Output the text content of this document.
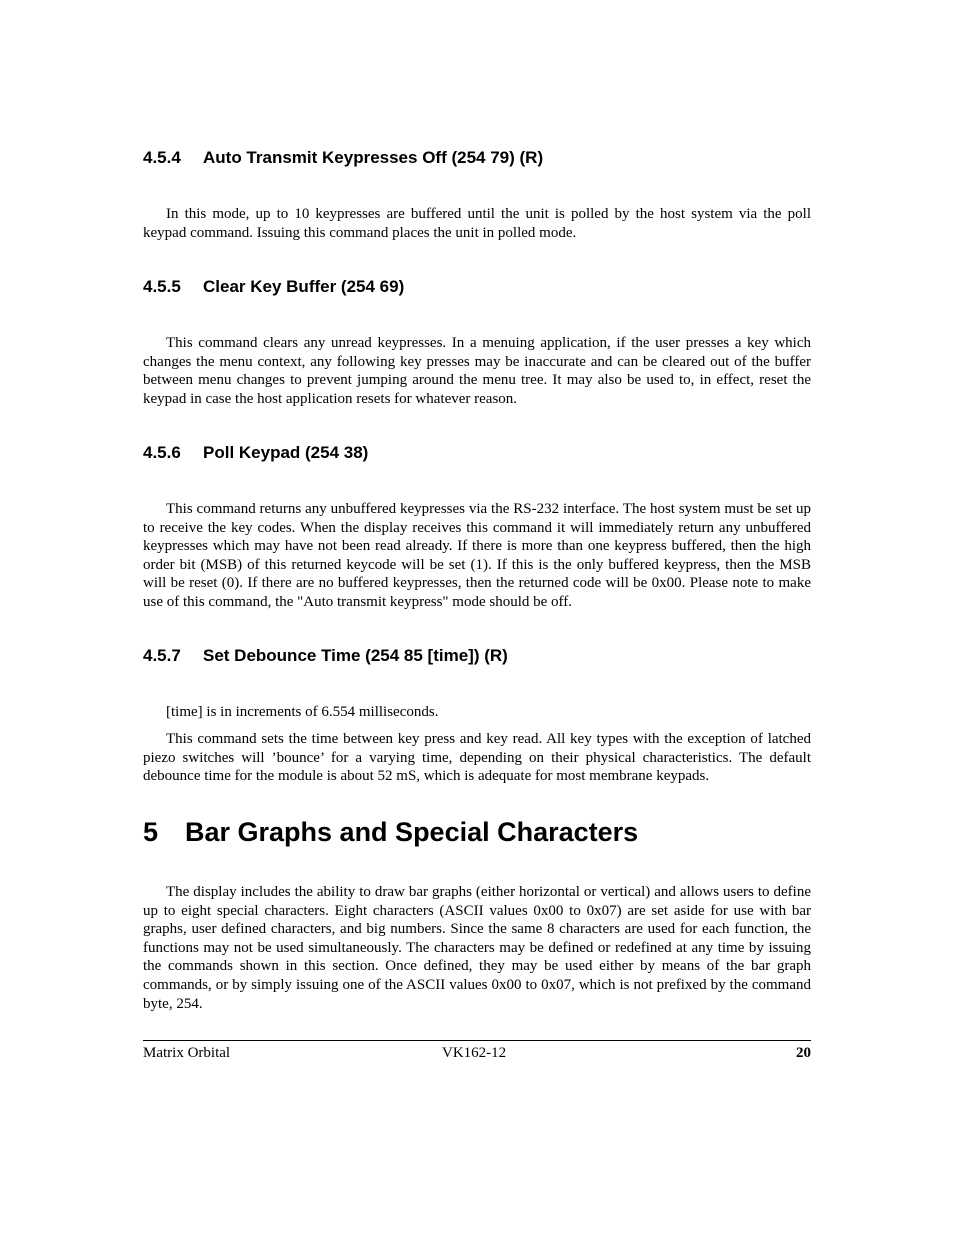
4.5.4 Auto Transmit Keypresses Off (254 79) (R)

In this mode, up to 10 keypresses are buffered until the unit is polled by the host system via the poll keypad command. Issuing this command places the unit in polled mode.

4.5.5 Clear Key Buffer (254 69)

This command clears any unread keypresses. In a menuing application, if the user presses a key which changes the menu context, any following key presses may be inaccurate and can be cleared out of the buffer between menu changes to prevent jumping around the menu tree. It may also be used to, in effect, reset the keypad in case the host application resets for whatever reason.

4.5.6 Poll Keypad (254 38)

This command returns any unbuffered keypresses via the RS-232 interface. The host system must be set up to receive the key codes. When the display receives this command it will immediately return any unbuffered keypresses which may have not been read already. If there is more than one keypress buffered, then the high order bit (MSB) of this returned keycode will be set (1). If this is the only buffered keypress, then the MSB will be reset (0). If there are no buffered keypresses, then the returned code will be 0x00. Please note to make use of this command, the "Auto transmit keypress" mode should be off.

4.5.7 Set Debounce Time (254 85 [time]) (R)

[time] is in increments of 6.554 milliseconds.

This command sets the time between key press and key read. All key types with the exception of latched piezo switches will ’bounce’ for a varying time, depending on their physical characteristics. The default debounce time for the module is about 52 mS, which is adequate for most membrane keypads.

5 Bar Graphs and Special Characters

The display includes the ability to draw bar graphs (either horizontal or vertical) and allows users to define up to eight special characters. Eight characters (ASCII values 0x00 to 0x07) are set aside for use with bar graphs, user defined characters, and big numbers. Since the same 8 characters are used for each function, the functions may not be used simultaneously. The characters may be defined or redefined at any time by issuing the commands shown in this section. Once defined, they may be used either by means of the bar graph commands, or by simply issuing one of the ASCII values 0x00 to 0x07, which is not prefixed by the command byte, 254.

Matrix Orbital	VK162-12	20
